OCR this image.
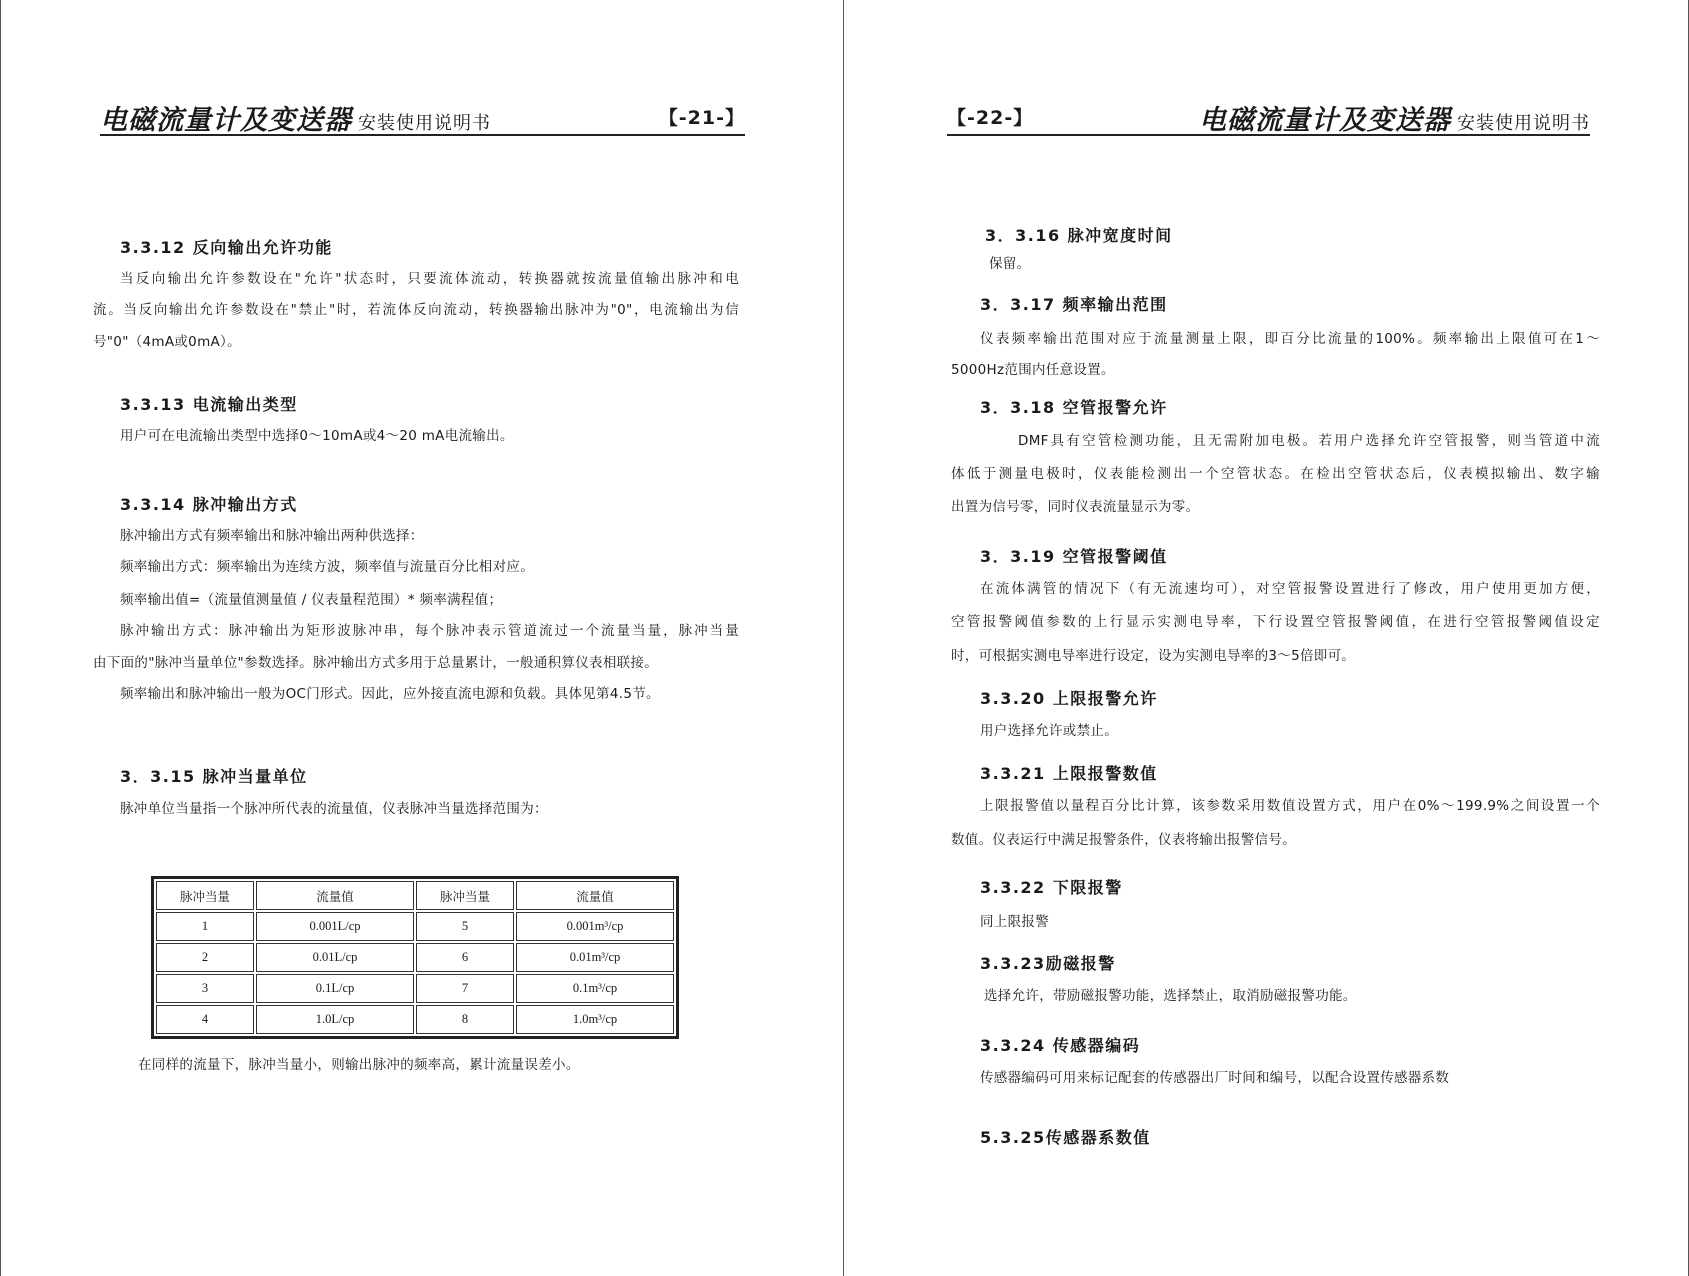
电磁流量计及变送器 安装使用说明书	【-21-】	【-22-】	电磁流量计及变送器 安装使用说明书
3.3.12 反向输出允许功能
当反向输出允许参数设在"允许"状态时，只要流体流动，转换器就按流量值输出脉冲和电
流。当反向输出允许参数设在"禁止"时，若流体反向流动，转换器输出脉冲为"0"，电流输出为信
号"0"（4mA或0mA）。
3.3.13 电流输出类型
用户可在电流输出类型中选择0～10mA或4～20 mA电流输出。
3.3.14 脉冲输出方式
脉冲输出方式有频率输出和脉冲输出两种供选择：
频率输出方式：频率输出为连续方波，频率值与流量百分比相对应。
频率输出值=（流量值测量值 / 仪表量程范围）* 频率满程值；
脉冲输出方式：脉冲输出为矩形波脉冲串，每个脉冲表示管道流过一个流量当量，脉冲当量
由下面的"脉冲当量单位"参数选择。脉冲输出方式多用于总量累计，一般通积算仪表相联接。
频率输出和脉冲输出一般为OC门形式。因此，应外接直流电源和负载。具体见第4.5节。
3．3.15 脉冲当量单位
脉冲单位当量指一个脉冲所代表的流量值，仪表脉冲当量选择范围为：
脉冲当量	流量值	脉冲当量	流量值
1	0.001L/cp	5	0.001m³/cp
2	0.01L/cp	6	0.01m³/cp
3	0.1L/cp	7	0.1m³/cp
4	1.0L/cp	8	1.0m³/cp
在同样的流量下，脉冲当量小，则输出脉冲的频率高，累计流量误差小。
3．3.16 脉冲宽度时间
保留。
3．3.17 频率输出范围
仪表频率输出范围对应于流量测量上限，即百分比流量的100%。频率输出上限值可在1～
5000Hz范围内任意设置。
3．3.18 空管报警允许
DMF具有空管检测功能，且无需附加电极。若用户选择允许空管报警，则当管道中流
体低于测量电极时，仪表能检测出一个空管状态。在检出空管状态后，仪表模拟输出、数字输
出置为信号零，同时仪表流量显示为零。
3．3.19 空管报警阈值
在流体满管的情况下（有无流速均可），对空管报警设置进行了修改，用户使用更加方便，
空管报警阈值参数的上行显示实测电导率，下行设置空管报警阈值，在进行空管报警阈值设定
时，可根据实测电导率进行设定，设为实测电导率的3～5倍即可。
3.3.20 上限报警允许
用户选择允许或禁止。
3.3.21 上限报警数值
上限报警值以量程百分比计算，该参数采用数值设置方式，用户在0%～199.9%之间设置一个
数值。仪表运行中满足报警条件，仪表将输出报警信号。
3.3.22 下限报警
同上限报警
3.3.23励磁报警
选择允许，带励磁报警功能，选择禁止，取消励磁报警功能。
3.3.24 传感器编码
传感器编码可用来标记配套的传感器出厂时间和编号，以配合设置传感器系数
5.3.25传感器系数值
